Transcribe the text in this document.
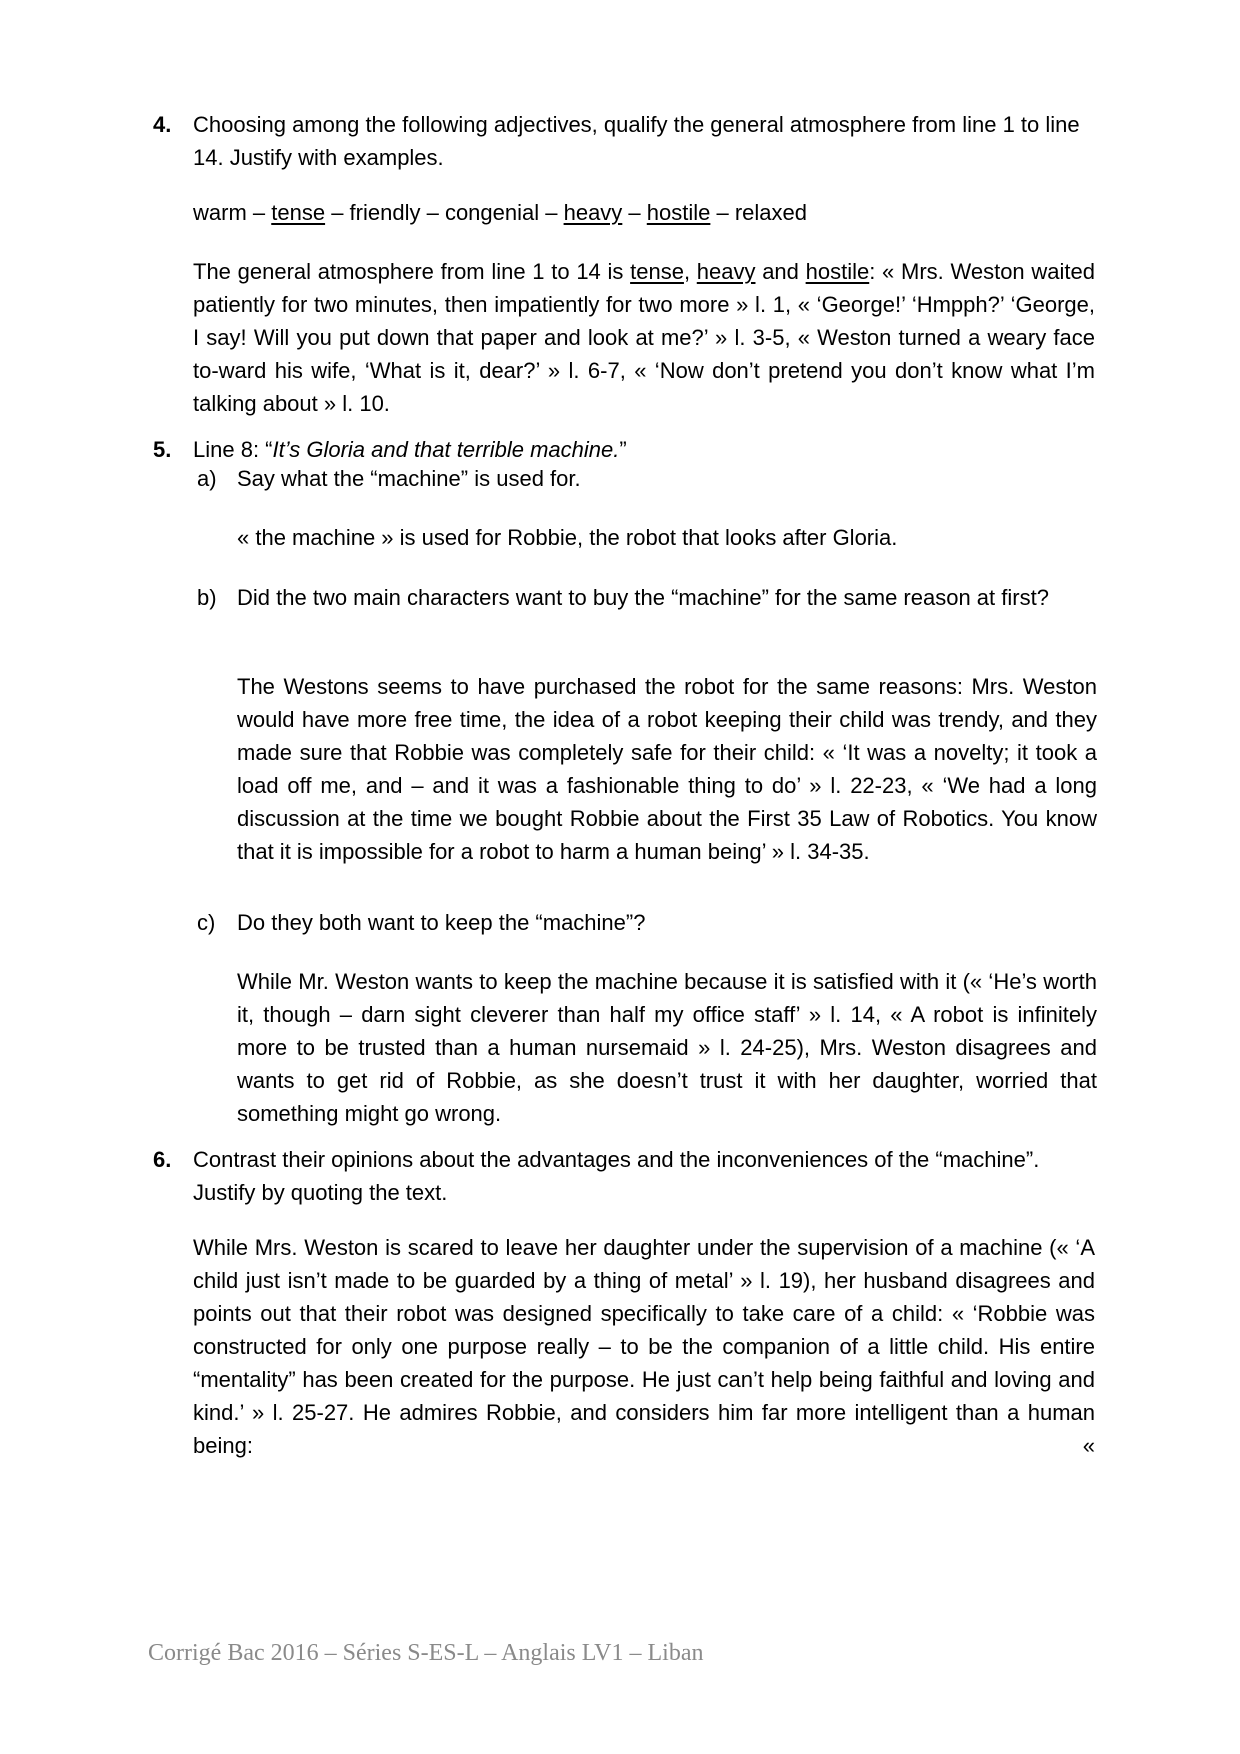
4. Choosing among the following adjectives, qualify the general atmosphere from line 1 to line 14. Justify with examples.
warm – tense – friendly – congenial – heavy – hostile – relaxed
The general atmosphere from line 1 to 14 is tense, heavy and hostile: « Mrs. Weston waited patiently for two minutes, then impatiently for two more » l. 1, « ‘George!’ ‘Hmpph?’ ‘George, I say! Will you put down that paper and look at me?’ » l. 3-5, « Weston turned a weary face to-ward his wife, ‘What is it, dear?’ » l. 6-7, « ‘Now don’t pretend you don’t know what I’m talking about » l. 10.
5. Line 8: “It’s Gloria and that terrible machine.”
a) Say what the “machine” is used for.
« the machine » is used for Robbie, the robot that looks after Gloria.
b) Did the two main characters want to buy the “machine” for the same reason at first?
The Westons seems to have purchased the robot for the same reasons: Mrs. Weston would have more free time, the idea of a robot keeping their child was trendy, and they made sure that Robbie was completely safe for their child: « ‘It was a novelty; it took a load off me, and – and it was a fashionable thing to do’ » l. 22-23, « ‘We had a long discussion at the time we bought Robbie about the First 35 Law of Robotics. You know that it is impossible for a robot to harm a human being’ » l. 34-35.
c) Do they both want to keep the “machine”?
While Mr. Weston wants to keep the machine because it is satisfied with it (« ‘He’s worth it, though – darn sight cleverer than half my office staff’ » l. 14, « A robot is infinitely more to be trusted than a human nursemaid » l. 24-25), Mrs. Weston disagrees and wants to get rid of Robbie, as she doesn’t trust it with her daughter, worried that something might go wrong.
6. Contrast their opinions about the advantages and the inconveniences of the “machine”. Justify by quoting the text.
While Mrs. Weston is scared to leave her daughter under the supervision of a machine (« ‘A child just isn’t made to be guarded by a thing of metal’ » l. 19), her husband disagrees and points out that their robot was designed specifically to take care of a child: « ‘Robbie was constructed for only one purpose really – to be the companion of a little child. His entire “mentality” has been created for the purpose. He just can’t help being faithful and loving and kind.’ » l. 25-27. He admires Robbie, and considers him far more intelligent than a human being: «
Corrigé Bac 2016 – Séries S-ES-L – Anglais LV1 – Liban
